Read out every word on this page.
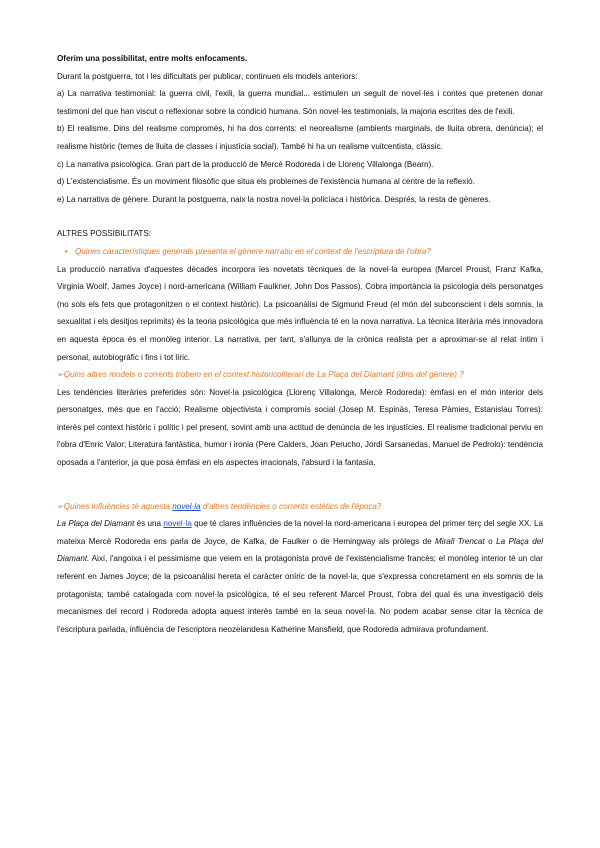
Oferim una possibilitat, entre molts enfocaments.

Durant la postguerra, tot i les dificultats per publicar, continuen els models anteriors:

a) La narrativa testimonial: la guerra civil, l'exili, la guerra mundial... estimulen un seguit de novel·les i contes que pretenen donar testimoni del que han viscut o reflexionar sobre la condició humana. Són novel·les testimonials, la majoria escrites des de l'exili.

b) El realisme. Dins del realisme compromès, hi ha dos corrents: el neorealisme (ambients marginals, de lluita obrera, denúncia); el realisme històric (temes de lluita de classes i injustícia social). També hi ha un realisme vuitcentista, clàssic.

c) La narrativa psicològica. Gran part de la producció de Mercè Rodoreda i de Llorenç Villalonga (Bearn).

d) L'existencialisme. És un moviment filosòfic que situa els problemes de l'existència humana al centre de la reflexió.

e) La narrativa de gènere. Durant la postguerra, naix la nostra novel·la policíaca i històrica. Després, la resta de gèneres.

ALTRES POSSIBILITATS:

• Quines característiques generals presenta el gènere narratiu en el context de l'escriptura de l'obra?

La producció narrativa d'aquestes dècades incorpora les novetats tècniques de la novel·la europea (Marcel Proust, Franz Kafka, Virginia Woolf, James Joyce) i nord-americana (William Faulkner, John Dos Passos). Cobra importància la psicologia dels personatges (no sols els fets que protagonitzen o el context històric). La psicoanàlisi de Sigmund Freud (el món del subconscient i dels somnis, la sexualitat i els desitjos reprimits) és la teoria psicològica que més influència té en la nova narrativa. La tècnica literària més innovadora en aquesta època és el monòleg interior. La narrativa, per tant, s'allunya de la crònica realista per a aproximar-se al relat íntim i personal, autobiogràfic i fins i tot líric.

➢Quins altres models o corrents trobem en el context historicoliterari de La Plaça del Diamant (dins del gènere) ?

Les tendències literàries preferides són: Novel·la psicològica (Llorenç Villalonga, Mercè Rodoreda): èmfasi en el món interior dels personatges, més que en l'acció; Realisme objectivista i compromís social (Josep M. Espinàs, Teresa Pàmies, Estanislau Torres): interès pel context històric i polític i pel present, sovint amb una actitud de denúncia de les injustícies. El realisme tradicional perviu en l'obra d'Enric Valor; Literatura fantàstica, humor i ironia (Pere Calders, Joan Perucho, Jordi Sarsanedas, Manuel de Pedrolo): tendència oposada a l'anterior, ja que posa èmfasi en els aspectes irracionals, l'absurd i la fantasia.

➢Quines influències té aquesta novel·la d'altres tendències o corrents estètics de l'època?

La Plaça del Diamant és una novel·la que té clares influències de la novel·la nord-americana i europea del primer terç del segle XX. La mateixa Mercè Rodoreda ens parla de Joyce, de Kafka, de Faulker o de Hemingway als pròlegs de Mirall Trencat o La Plaça del Diamant. Així, l'angoixa i el pessimisme que veiem en la protagonista prové de l'existencialisme francès; el monòleg interior té un clar referent en James Joyce; de la psicoanàlisi hereta el caràcter oníric de la novel·la, que s'expressa concretament en els somnis de la protagonista; també catalogada com novel·la psicològica, té el seu referent Marcel Proust, l'obra del qual és una investigació dels mecanismes del record i Rodoreda adopta aquest interès també en la seua novel·la. No podem acabar sense citar la tècnica de l'escriptura parlada, influència de l'escriptora neozelandesa Katherine Mansfield, que Rodoreda admirava profundament.
